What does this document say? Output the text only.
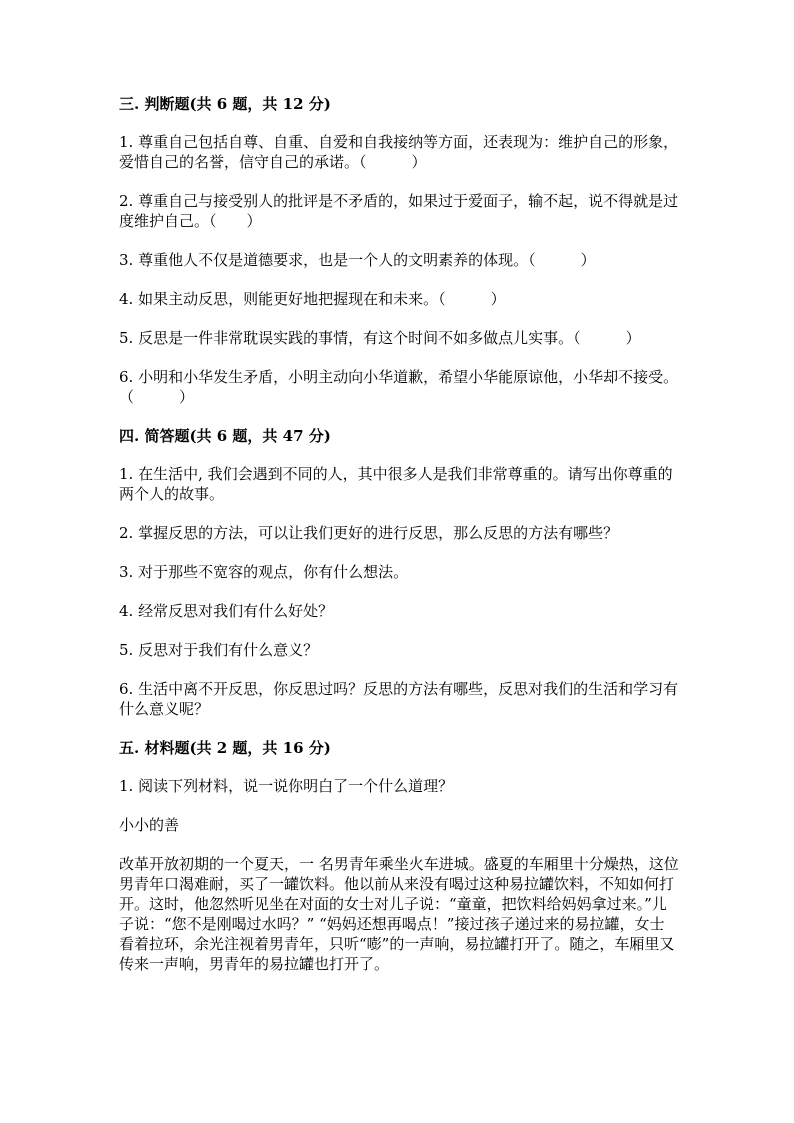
三. 判断题(共 6 题，共 12 分)
1. 尊重自己包括自尊、自重、自爱和自我接纳等方面，还表现为：维护自己的形象，爱惜自己的名誉，信守自己的承诺。（　　　）
2. 尊重自己与接受别人的批评是不矛盾的，如果过于爱面子，输不起，说不得就是过度维护自己。（　　）
3. 尊重他人不仅是道德要求，也是一个人的文明素养的体现。（　　　）
4. 如果主动反思，则能更好地把握现在和未来。（　　　）
5. 反思是一件非常耽误实践的事情，有这个时间不如多做点儿实事。（　　　）
6. 小明和小华发生矛盾，小明主动向小华道歉，希望小华能原谅他，小华却不接受。（　　　）
四. 简答题(共 6 题，共 47 分)
1. 在生活中, 我们会遇到不同的人，其中很多人是我们非常尊重的。请写出你尊重的两个人的故事。
2. 掌握反思的方法，可以让我们更好的进行反思，那么反思的方法有哪些？
3. 对于那些不宽容的观点，你有什么想法。
4. 经常反思对我们有什么好处？
5. 反思对于我们有什么意义？
6. 生活中离不开反思，你反思过吗？反思的方法有哪些，反思对我们的生活和学习有什么意义呢？
五. 材料题(共 2 题，共 16 分)
1. 阅读下列材料，说一说你明白了一个什么道理？
小小的善
改革开放初期的一个夏天，一 名男青年乘坐火车进城。盛夏的车厢里十分燥热，这位男青年口渴难耐，买了一罐饮料。他以前从来没有喝过这种易拉罐饮料，不知如何打开。这时，他忽然听见坐在对面的女士对儿子说：“童童，把饮料给妈妈拿过来。”儿子说：“您不是刚喝过水吗？” “妈妈还想再喝点！”接过孩子递过来的易拉罐，女士看着拉环，余光注视着男青年，只听“嘭”的一声响，易拉罐打开了。随之，车厢里又传来一声响，男青年的易拉罐也打开了。
